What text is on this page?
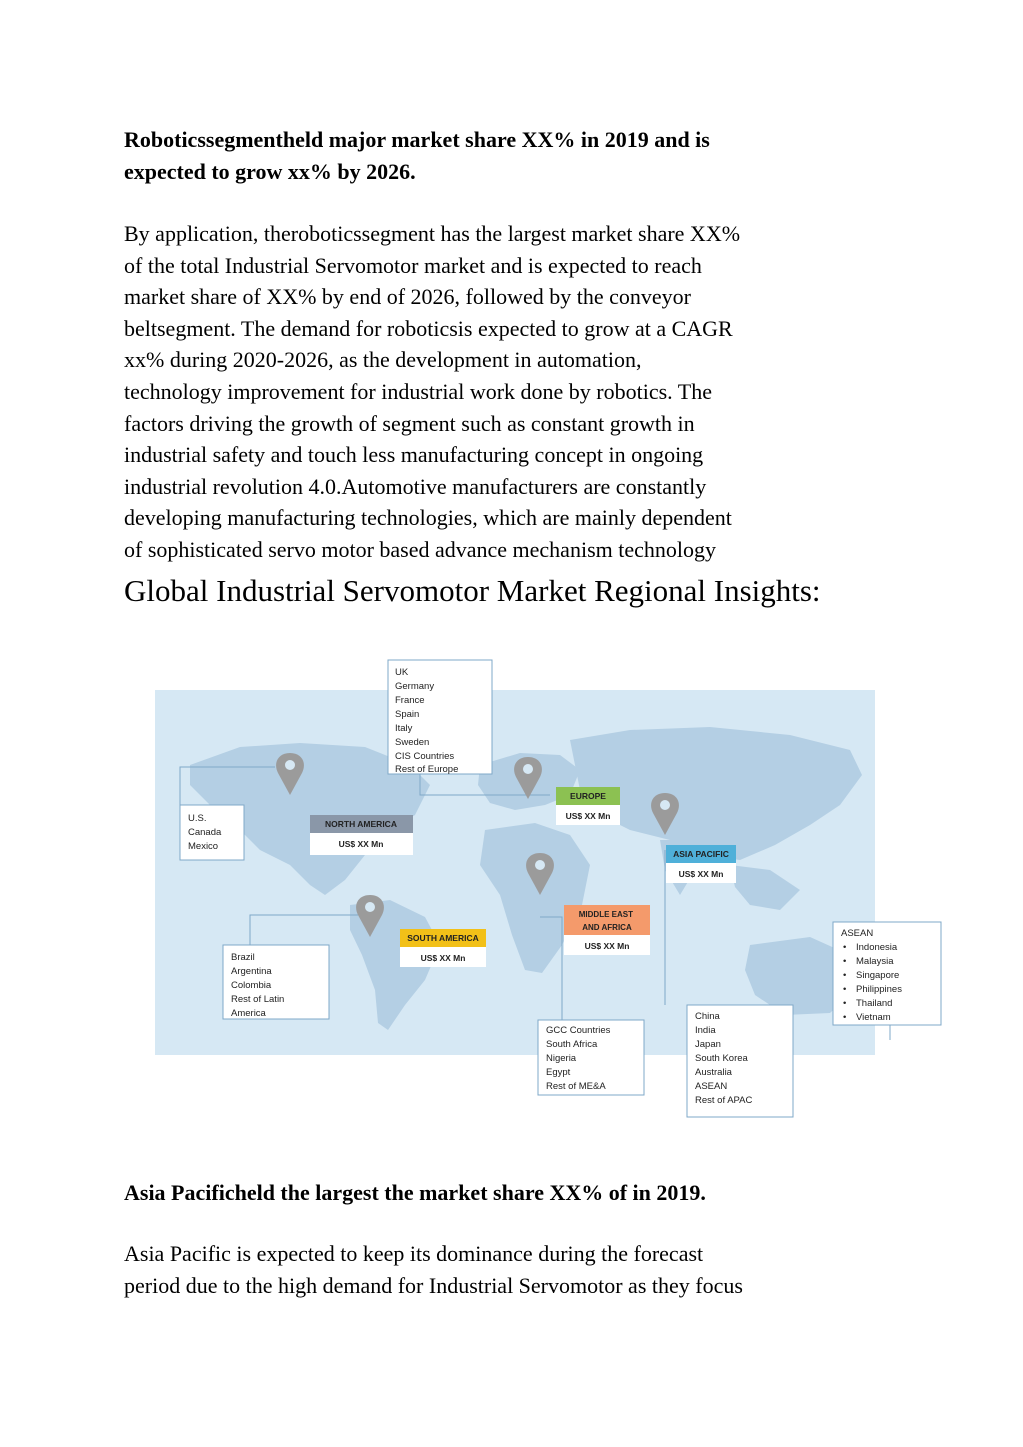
Roboticssegmentheld major market share XX% in 2019 and is
expected to grow xx% by 2026.
By application, theroboticssegment has the largest market share XX%
of the total Industrial Servomotor market and is expected to reach
market share of XX% by end of 2026, followed by the conveyor
beltsegment. The demand for roboticsis expected to grow at a CAGR
xx% during 2020-2026, as the development in automation,
technology improvement for industrial work done by robotics. The
factors driving the growth of segment such as constant growth in
industrial safety and touch less manufacturing concept in ongoing
industrial revolution 4.0.Automotive manufacturers are constantly
developing manufacturing technologies, which are mainly dependent
of sophisticated servo motor based advance mechanism technology
Global Industrial Servomotor Market Regional Insights:
UK Germany France Spain Italy Sweden CIS Countries Rest of Europe
U.S. Canada Mexico
NORTH AMERICA
US$ XX Mn
EUROPE
US$ XX Mn
ASIA PACIFIC
US$ XX Mn
SOUTH AMERICA
US$ XX Mn
MIDDLE EAST AND AFRICA
US$ XX Mn
Brazil Argentina Colombia Rest of Latin America
GCC Countries South Africa Nigeria Egypt Rest of ME&A
China India Japan South Korea Australia ASEAN Rest of APAC
ASEAN
• Indonesia
• Malaysia
• Singapore
• Philippines
• Thailand
• Vietnam
Asia Pacificheld the largest the market share XX% of in 2019.
Asia Pacific is expected to keep its dominance during the forecast
period due to the high demand for Industrial Servomotor as they focus
